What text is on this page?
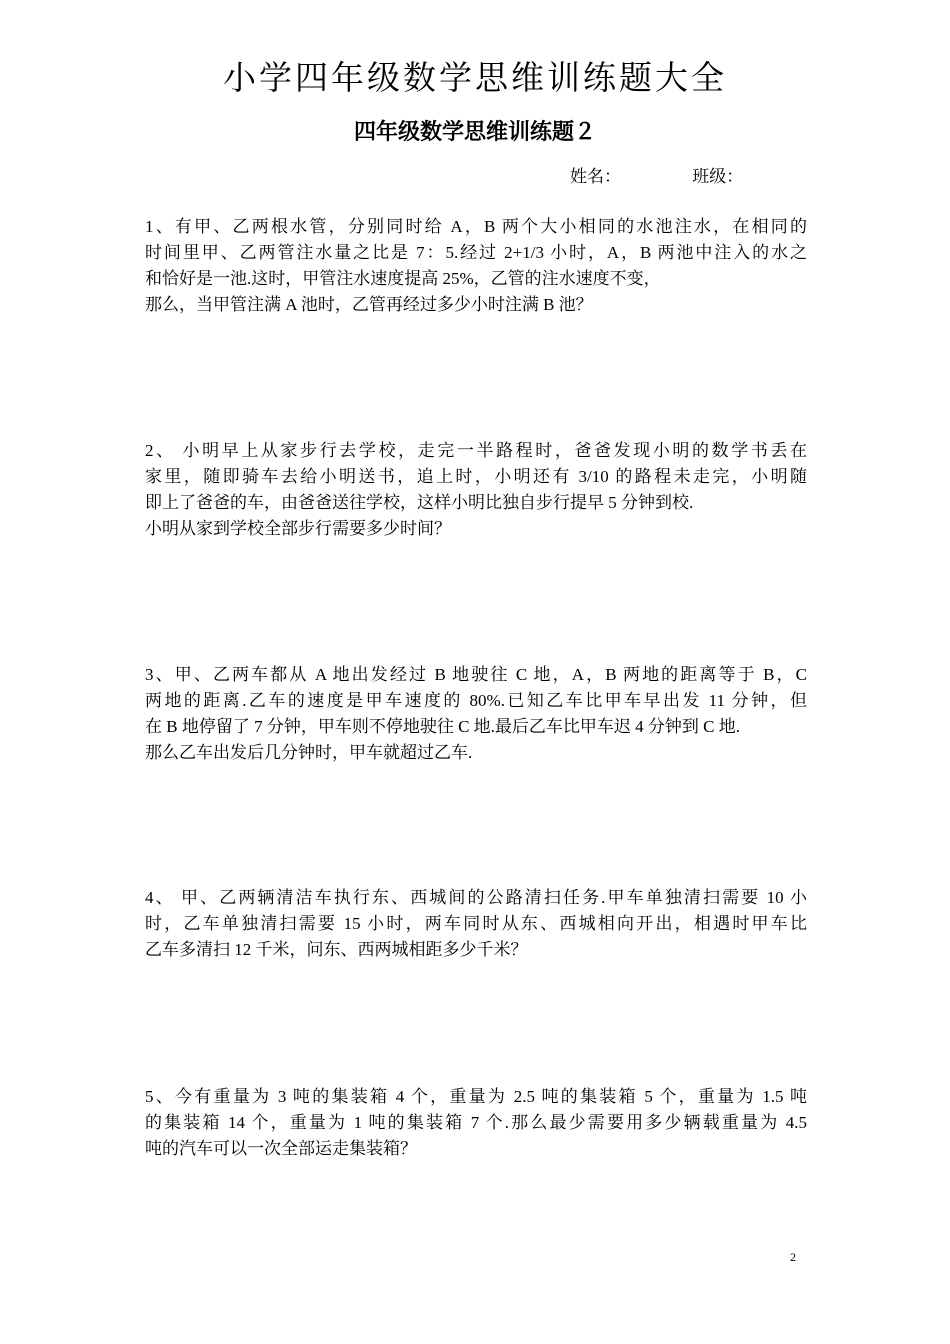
小学四年级数学思维训练题大全
四年级数学思维训练题２
姓名：	班级：
1、有甲、乙两根水管，分别同时给 A，B 两个大小相同的水池注水，在相同的
时间里甲、乙两管注水量之比是 7：5.经过 2+1/3 小时，A，B 两池中注入的水之
和恰好是一池.这时，甲管注水速度提高 25%，乙管的注水速度不变，
那么，当甲管注满 A 池时，乙管再经过多少小时注满 B 池？
2、 小明早上从家步行去学校，走完一半路程时，爸爸发现小明的数学书丢在
家里，随即骑车去给小明送书，追上时，小明还有 3/10 的路程未走完，小明随
即上了爸爸的车，由爸爸送往学校，这样小明比独自步行提早 5 分钟到校.
小明从家到学校全部步行需要多少时间？
3、甲、乙两车都从 A 地出发经过 B 地驶往 C 地，A，B 两地的距离等于 B，C
两地的距离.乙车的速度是甲车速度的 80%.已知乙车比甲车早出发 11 分钟，但
在 B 地停留了 7 分钟，甲车则不停地驶往 C 地.最后乙车比甲车迟 4 分钟到 C 地.
那么乙车出发后几分钟时，甲车就超过乙车.
4、 甲、乙两辆清洁车执行东、西城间的公路清扫任务.甲车单独清扫需要 10 小
时，乙车单独清扫需要 15 小时，两车同时从东、西城相向开出，相遇时甲车比
乙车多清扫 12 千米，问东、西两城相距多少千米？
5、今有重量为 3 吨的集装箱 4 个，重量为 2.5 吨的集装箱 5 个，重量为 1.5 吨
的集装箱 14 个，重量为 1 吨的集装箱 7 个.那么最少需要用多少辆载重量为 4.5
吨的汽车可以一次全部运走集装箱？
2
